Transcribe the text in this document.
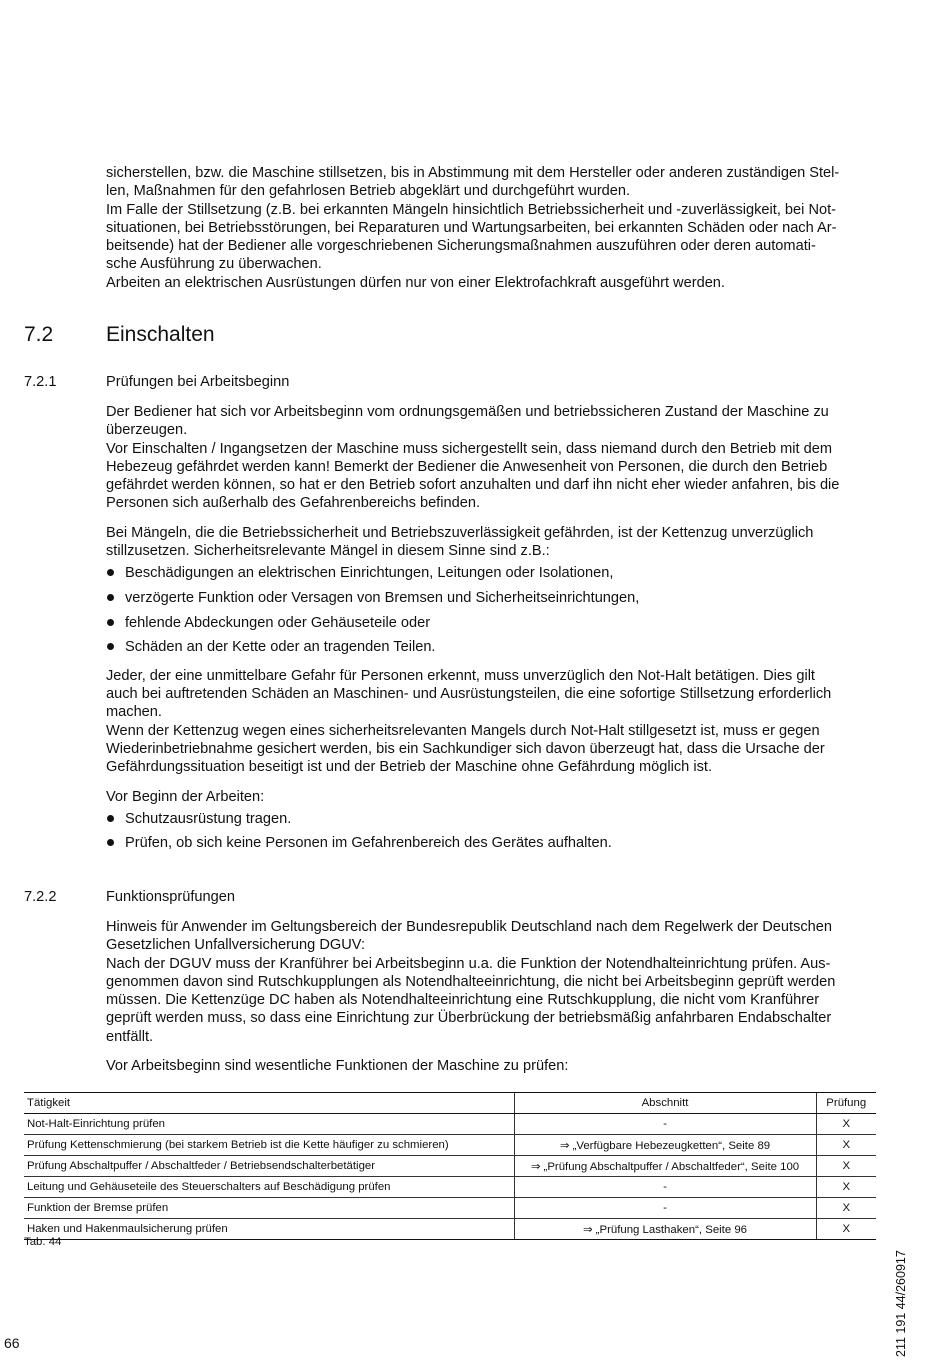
sicherstellen, bzw. die Maschine stillsetzen, bis in Abstimmung mit dem Hersteller oder anderen zuständigen Stel-

len, Maßnahmen für den gefahrlosen Betrieb abgeklärt und durchgeführt wurden.

Im Falle der Stillsetzung (z.B. bei erkannten Mängeln hinsichtlich Betriebssicherheit und -zuverlässigkeit, bei Not-

situationen, bei Betriebsstörungen, bei Reparaturen und Wartungsarbeiten, bei erkannten Schäden oder nach Ar-

beitsende) hat der Bediener alle vorgeschriebenen Sicherungsmaßnahmen auszuführen oder deren automati-

sche Ausführung zu überwachen.

Arbeiten an elektrischen Ausrüstungen dürfen nur von einer Elektrofachkraft ausgeführt werden.

7.2	Einschalten
7.2.1	Prüfungen bei Arbeitsbeginn

Der Bediener hat sich vor Arbeitsbeginn vom ordnungsgemäßen und betriebssicheren Zustand der Maschine zu

überzeugen.

Vor Einschalten / Ingangsetzen der Maschine muss sichergestellt sein, dass niemand durch den Betrieb mit dem

Hebezeug gefährdet werden kann! Bemerkt der Bediener die Anwesenheit von Personen, die durch den Betrieb

gefährdet werden können, so hat er den Betrieb sofort anzuhalten und darf ihn nicht eher wieder anfahren, bis die

Personen sich außerhalb des Gefahrenbereichs befinden.

Bei Mängeln, die die Betriebssicherheit und Betriebszuverlässigkeit gefährden, ist der Kettenzug unverzüglich

stillzusetzen. Sicherheitsrelevante Mängel in diesem Sinne sind z.B.:

Beschädigungen an elektrischen Einrichtungen, Leitungen oder Isolationen,
verzögerte Funktion oder Versagen von Bremsen und Sicherheitseinrichtungen,
fehlende Abdeckungen oder Gehäuseteile oder
Schäden an der Kette oder an tragenden Teilen.

Jeder, der eine unmittelbare Gefahr für Personen erkennt, muss unverzüglich den Not-Halt betätigen. Dies gilt

auch bei auftretenden Schäden an Maschinen- und Ausrüstungsteilen, die eine sofortige Stillsetzung erforderlich

machen.

Wenn der Kettenzug wegen eines sicherheitsrelevanten Mangels durch Not-Halt stillgesetzt ist, muss er gegen

Wiederinbetriebnahme gesichert werden, bis ein Sachkundiger sich davon überzeugt hat, dass die Ursache der

Gefährdungssituation beseitigt ist und der Betrieb der Maschine ohne Gefährdung möglich ist.

Vor Beginn der Arbeiten:

Schutzausrüstung tragen.
Prüfen, ob sich keine Personen im Gefahrenbereich des Gerätes aufhalten.
7.2.2	Funktionsprüfungen

Hinweis für Anwender im Geltungsbereich der Bundesrepublik Deutschland nach dem Regelwerk der Deutschen

Gesetzlichen Unfallversicherung DGUV:

Nach der DGUV muss der Kranführer bei Arbeitsbeginn u.a. die Funktion der Notendhalteinrichtung prüfen. Aus-

genommen davon sind Rutschkupplungen als Notendhalteeinrichtung, die nicht bei Arbeitsbeginn geprüft werden

müssen. Die Kettenzüge DC haben als Notendhalteeinrichtung eine Rutschkupplung, die nicht vom Kranführer

geprüft werden muss, so dass eine Einrichtung zur Überbrückung der betriebsmäßig anfahrbaren Endabschalter

entfällt.

Vor Arbeitsbeginn sind wesentliche Funktionen der Maschine zu prüfen:

Tätigkeit	Abschnitt	Prüfung
Not-Halt-Einrichtung prüfen	-	X
Prüfung Kettenschmierung (bei starkem Betrieb ist die Kette häufiger zu schmieren)	⇒ „Verfügbare Hebezeugketten“, Seite 89	X
Prüfung Abschaltpuffer / Abschaltfeder / Betriebsendschalterbetätiger	⇒ „Prüfung Abschaltpuffer / Abschaltfeder“, Seite 100	X
Leitung und Gehäuseteile des Steuerschalters auf Beschädigung prüfen	-	X
Funktion der Bremse prüfen	-	X
Haken und Hakenmaulsicherung prüfen	⇒ „Prüfung Lasthaken“, Seite 96	X
Tab. 44
66	211 191 44/260917
